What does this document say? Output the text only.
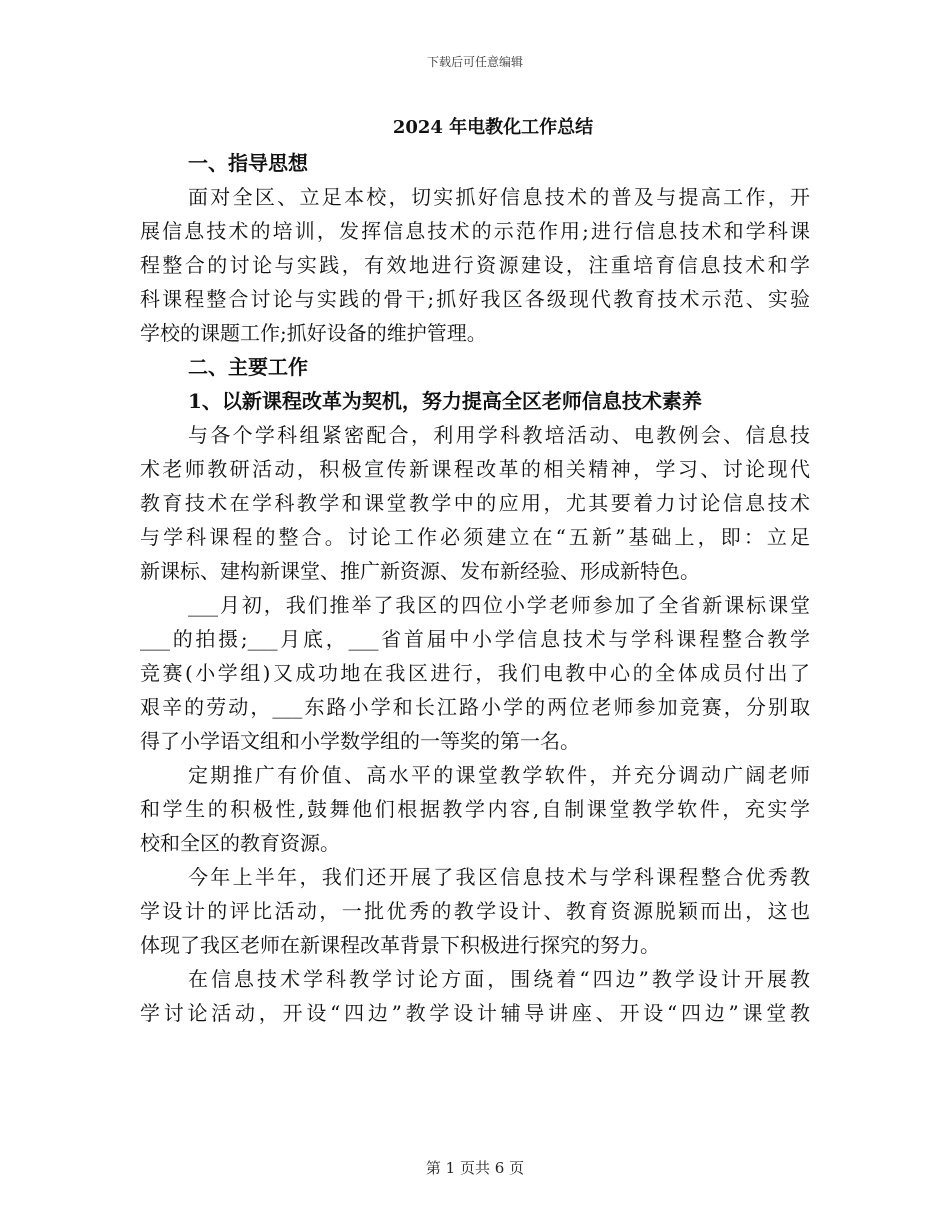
下载后可任意编辑
2024 年电教化工作总结
一、指导思想

面对全区、立足本校，切实抓好信息技术的普及与提高工作，开

展信息技术的培训，发挥信息技术的示范作用;进行信息技术和学科课

程整合的讨论与实践，有效地进行资源建设，注重培育信息技术和学

科课程整合讨论与实践的骨干;抓好我区各级现代教育技术示范、实验

学校的课题工作;抓好设备的维护管理。

二、主要工作
1、以新课程改革为契机，努力提高全区老师信息技术素养

与各个学科组紧密配合，利用学科教培活动、电教例会、信息技

术老师教研活动，积极宣传新课程改革的相关精神，学习、讨论现代

教育技术在学科教学和课堂教学中的应用，尤其要着力讨论信息技术

与学科课程的整合。讨论工作必须建立在“五新”基础上，即：立足

新课标、建构新课堂、推广新资源、发布新经验、形成新特色。

___月初，我们推举了我区的四位小学老师参加了全省新课标课堂

___的拍摄;___月底，___省首届中小学信息技术与学科课程整合教学

竞赛(小学组)又成功地在我区进行，我们电教中心的全体成员付出了

艰辛的劳动，___东路小学和长江路小学的两位老师参加竞赛，分别取

得了小学语文组和小学数学组的一等奖的第一名。

定期推广有价值、高水平的课堂教学软件，并充分调动广阔老师

和学生的积极性,鼓舞他们根据教学内容,自制课堂教学软件，充实学

校和全区的教育资源。

今年上半年，我们还开展了我区信息技术与学科课程整合优秀教

学设计的评比活动，一批优秀的教学设计、教育资源脱颖而出，这也

体现了我区老师在新课程改革背景下积极进行探究的努力。

在信息技术学科教学讨论方面，围绕着“四边”教学设计开展教

学讨论活动，开设“四边”教学设计辅导讲座、开设“四边”课堂教

第 1 页共 6 页
